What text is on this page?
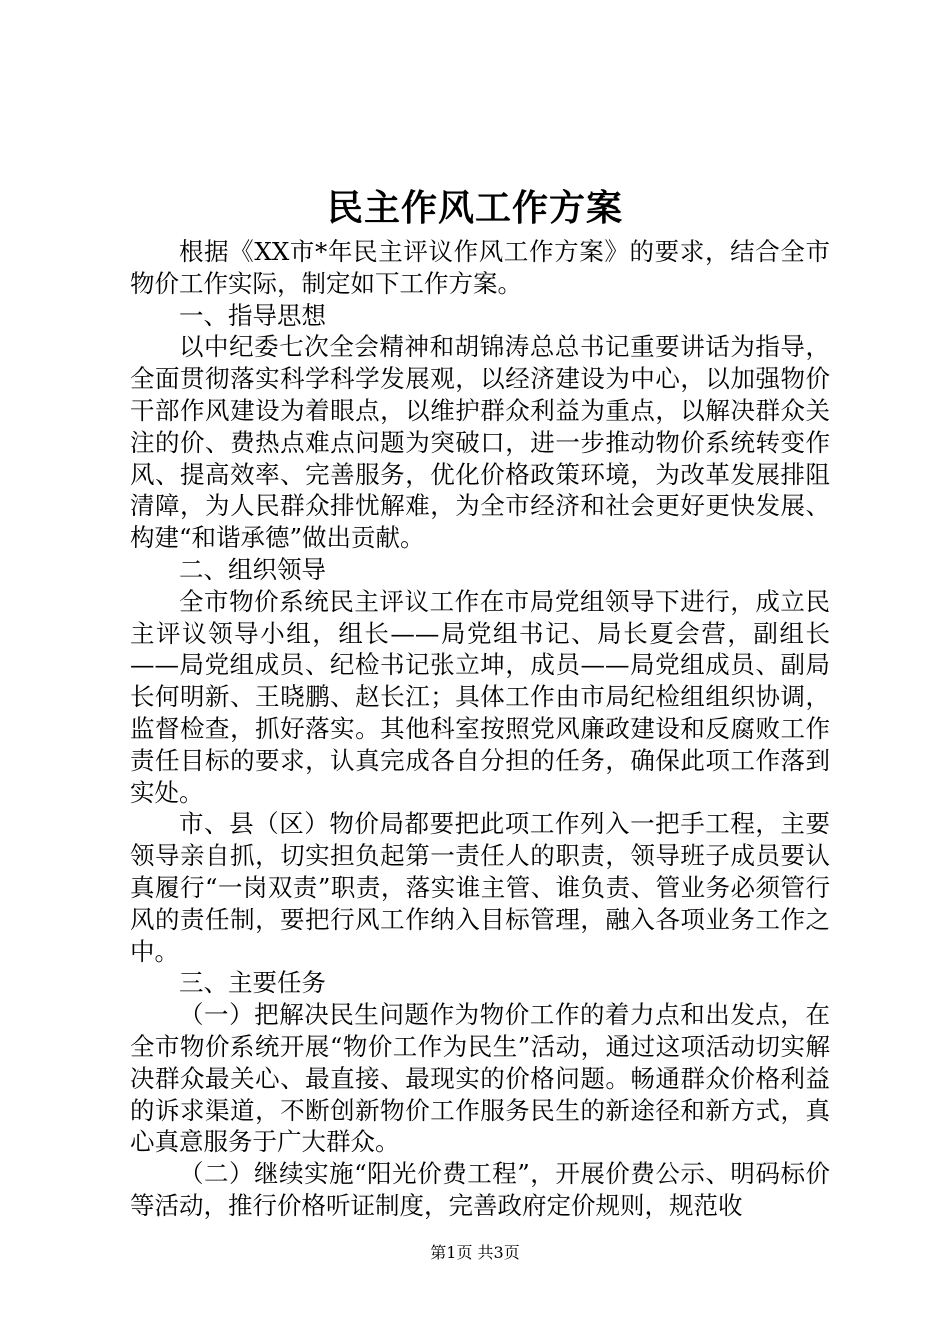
民主作风工作方案

根据《XX市*年民主评议作风工作方案》的要求，结合全市物价工作实际，制定如下工作方案。

一、指导思想

以中纪委七次全会精神和胡锦涛总总书记重要讲话为指导，全面贯彻落实科学科学发展观，以经济建设为中心，以加强物价干部作风建设为着眼点，以维护群众利益为重点，以解决群众关注的价、费热点难点问题为突破口，进一步推动物价系统转变作风、提高效率、完善服务，优化价格政策环境，为改革发展排阻清障，为人民群众排忧解难，为全市经济和社会更好更快发展、构建“和谐承德”做出贡献。

二、组织领导

全市物价系统民主评议工作在市局党组领导下进行，成立民主评议领导小组，组长——局党组书记、局长夏会营，副组长——局党组成员、纪检书记张立坤，成员——局党组成员、副局长何明新、王晓鹏、赵长江；具体工作由市局纪检组组织协调，监督检查，抓好落实。其他科室按照党风廉政建设和反腐败工作责任目标的要求，认真完成各自分担的任务，确保此项工作落到实处。

市、县（区）物价局都要把此项工作列入一把手工程，主要领导亲自抓，切实担负起第一责任人的职责，领导班子成员要认真履行“一岗双责”职责，落实谁主管、谁负责、管业务必须管行风的责任制，要把行风工作纳入目标管理，融入各项业务工作之中。

三、主要任务

（一）把解决民生问题作为物价工作的着力点和出发点，在全市物价系统开展“物价工作为民生”活动，通过这项活动切实解决群众最关心、最直接、最现实的价格问题。畅通群众价格利益的诉求渠道，不断创新物价工作服务民生的新途径和新方式，真心真意服务于广大群众。

（二）继续实施“阳光价费工程”，开展价费公示、明码标价等活动，推行价格听证制度，完善政府定价规则，规范收

第1页 共3页
